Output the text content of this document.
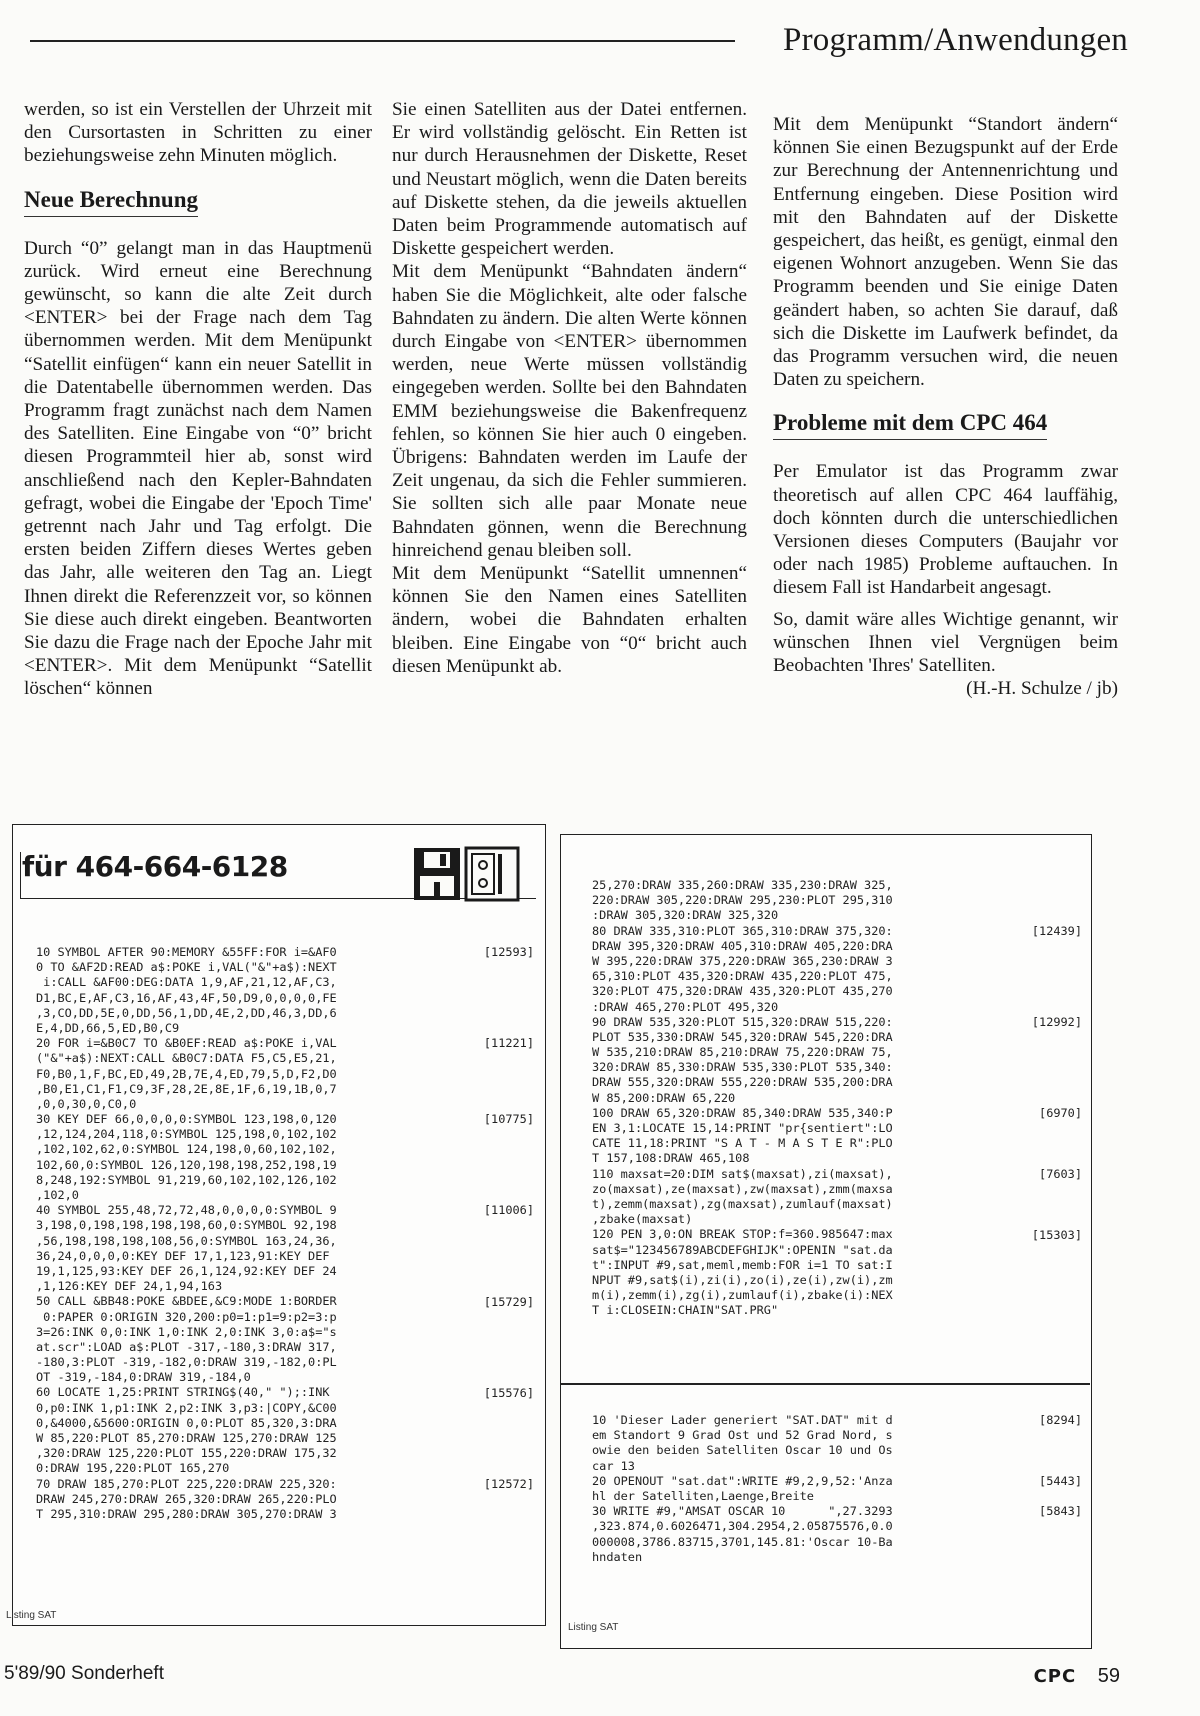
Programm/Anwendungen

werden, so ist ein Verstellen der Uhrzeit mit den Cursortasten in Schritten zu einer beziehungsweise zehn Minuten möglich.

Neue Berechnung

Durch “0” gelangt man in das Hauptmenü zurück. Wird erneut eine Berechnung gewünscht, so kann die alte Zeit durch <ENTER> bei der Frage nach dem Tag übernommen werden. Mit dem Menüpunkt “Satellit einfügen“ kann ein neuer Satellit in die Datentabelle übernommen werden. Das Programm fragt zunächst nach dem Namen des Satelliten. Eine Eingabe von “0” bricht diesen Programmteil hier ab, sonst wird anschließend nach den Kepler-Bahndaten gefragt, wobei die Eingabe der 'Epoch Time' getrennt nach Jahr und Tag erfolgt. Die ersten beiden Ziffern dieses Wertes geben das Jahr, alle weiteren den Tag an. Liegt Ihnen direkt die Referenzzeit vor, so können Sie diese auch direkt eingeben. Beantworten Sie dazu die Frage nach der Epoche Jahr mit <ENTER>. Mit dem Menüpunkt “Satellit löschen“ können

Sie einen Satelliten aus der Datei entfernen. Er wird vollständig gelöscht. Ein Retten ist nur durch Herausnehmen der Diskette, Reset und Neustart möglich, wenn die Daten bereits auf Diskette stehen, da die jeweils aktuellen Daten beim Programmende automatisch auf Diskette gespeichert werden.

Mit dem Menüpunkt “Bahndaten ändern“ haben Sie die Möglichkeit, alte oder falsche Bahndaten zu ändern. Die alten Werte können durch Eingabe von <ENTER> übernommen werden, neue Werte müssen vollständig eingegeben werden. Sollte bei den Bahndaten EMM beziehungsweise die Bakenfrequenz fehlen, so können Sie hier auch 0 eingeben. Übrigens: Bahndaten werden im Laufe der Zeit ungenau, da sich die Fehler summieren. Sie sollten sich alle paar Monate neue Bahndaten gönnen, wenn die Berechnung hinreichend genau bleiben soll.

Mit dem Menüpunkt “Satellit umnennen“ können Sie den Namen eines Satelliten ändern, wobei die Bahndaten erhalten bleiben. Eine Eingabe von “0“ bricht auch diesen Menüpunkt ab.

Mit dem Menüpunkt “Standort ändern“ können Sie einen Bezugspunkt auf der Erde zur Berechnung der Antennenrichtung und Entfernung eingeben. Diese Position wird mit den Bahndaten auf der Diskette gespeichert, das heißt, es genügt, einmal den eigenen Wohnort anzugeben. Wenn Sie das Programm beenden und Sie einige Daten geändert haben, so achten Sie darauf, daß sich die Diskette im Laufwerk befindet, da das Programm versuchen wird, die neuen Daten zu speichern.

Probleme mit dem CPC 464

Per Emulator ist das Programm zwar theoretisch auf allen CPC 464 lauffähig, doch könnten durch die unterschiedlichen Versionen dieses Computers (Baujahr vor oder nach 1985) Probleme auftauchen. In diesem Fall ist Handarbeit angesagt.

So, damit wäre alles Wichtige genannt, wir wünschen Ihnen viel Vergnügen beim Beobachten 'Ihres' Satelliten.

(H.-H. Schulze / jb)

für 464-664-6128
10 SYMBOL AFTER 90:MEMORY &55FF:FOR i=&AF0	[12593]
0 TO &AF2D:READ a$:POKE i,VAL("&"+a$):NEXT
i:CALL &AF00:DEG:DATA 1,9,AF,21,12,AF,C3,
D1,BC,E,AF,C3,16,AF,43,4F,50,D9,0,0,0,0,FE
,3,CO,DD,5E,0,DD,56,1,DD,4E,2,DD,46,3,DD,6
E,4,DD,66,5,ED,B0,C9
20 FOR i=&B0C7 TO &B0EF:READ a$:POKE i,VAL	[11221]
("&"+a$):NEXT:CALL &B0C7:DATA F5,C5,E5,21,
F0,B0,1,F,BC,ED,49,2B,7E,4,ED,79,5,D,F2,D0
,B0,E1,C1,F1,C9,3F,28,2E,8E,1F,6,19,1B,0,7
,0,0,30,0,C0,0
30 KEY DEF 66,0,0,0,0:SYMBOL 123,198,0,120	[10775]
,12,124,204,118,0:SYMBOL 125,198,0,102,102
,102,102,62,0:SYMBOL 124,198,0,60,102,102,
102,60,0:SYMBOL 126,120,198,198,252,198,19
8,248,192:SYMBOL 91,219,60,102,102,126,102
,102,0
40 SYMBOL 255,48,72,72,48,0,0,0,0:SYMBOL 9	[11006]
3,198,0,198,198,198,198,60,0:SYMBOL 92,198
,56,198,198,198,108,56,0:SYMBOL 163,24,36,
36,24,0,0,0,0:KEY DEF 17,1,123,91:KEY DEF
19,1,125,93:KEY DEF 26,1,124,92:KEY DEF 24
,1,126:KEY DEF 24,1,94,163
50 CALL &BB48:POKE &BDEE,&C9:MODE 1:BORDER	[15729]
0:PAPER 0:ORIGIN 320,200:p0=1:p1=9:p2=3:p
3=26:INK 0,0:INK 1,0:INK 2,0:INK 3,0:a$="s
at.scr":LOAD a$:PLOT -317,-180,3:DRAW 317,
-180,3:PLOT -319,-182,0:DRAW 319,-182,0:PL
OT -319,-184,0:DRAW 319,-184,0
60 LOCATE 1,25:PRINT STRING$(40," ");:INK	[15576]
0,p0:INK 1,p1:INK 2,p2:INK 3,p3:|COPY,&C00
0,&4000,&5600:ORIGIN 0,0:PLOT 85,320,3:DRA
W 85,220:PLOT 85,270:DRAW 125,270:DRAW 125
,320:DRAW 125,220:PLOT 155,220:DRAW 175,32
0:DRAW 195,220:PLOT 165,270
70 DRAW 185,270:PLOT 225,220:DRAW 225,320:	[12572]
DRAW 245,270:DRAW 265,320:DRAW 265,220:PLO
T 295,310:DRAW 295,280:DRAW 305,270:DRAW 3
Listing SAT
25,270:DRAW 335,260:DRAW 335,230:DRAW 325,
220:DRAW 305,220:DRAW 295,230:PLOT 295,310
:DRAW 305,320:DRAW 325,320
80 DRAW 335,310:PLOT 365,310:DRAW 375,320:	[12439]
DRAW 395,320:DRAW 405,310:DRAW 405,220:DRA
W 395,220:DRAW 375,220:DRAW 365,230:DRAW 3
65,310:PLOT 435,320:DRAW 435,220:PLOT 475,
320:PLOT 475,320:DRAW 435,320:PLOT 435,270
:DRAW 465,270:PLOT 495,320
90 DRAW 535,320:PLOT 515,320:DRAW 515,220:	[12992]
PLOT 535,330:DRAW 545,320:DRAW 545,220:DRA
W 535,210:DRAW 85,210:DRAW 75,220:DRAW 75,
320:DRAW 85,330:DRAW 535,330:PLOT 535,340:
DRAW 555,320:DRAW 555,220:DRAW 535,200:DRA
W 85,200:DRAW 65,220
100 DRAW 65,320:DRAW 85,340:DRAW 535,340:P	[6970]
EN 3,1:LOCATE 15,14:PRINT "pr{sentiert":LO
CATE 11,18:PRINT "S A T - M A S T E R":PLO
T 157,108:DRAW 465,108
110 maxsat=20:DIM sat$(maxsat),zi(maxsat),	[7603]
zo(maxsat),ze(maxsat),zw(maxsat),zmm(maxsa
t),zemm(maxsat),zg(maxsat),zumlauf(maxsat)
,zbake(maxsat)
120 PEN 3,0:ON BREAK STOP:f=360.985647:max	[15303]
sat$="123456789ABCDEFGHIJK":OPENIN "sat.da
t":INPUT #9,sat,meml,memb:FOR i=1 TO sat:I
NPUT #9,sat$(i),zi(i),zo(i),ze(i),zw(i),zm
m(i),zemm(i),zg(i),zumlauf(i),zbake(i):NEX
T i:CLOSEIN:CHAIN"SAT.PRG"
10 'Dieser Lader generiert "SAT.DAT" mit d	[8294]
em Standort 9 Grad Ost und 52 Grad Nord, s
owie den beiden Satelliten Oscar 10 und Os
car 13
20 OPENOUT "sat.dat":WRITE #9,2,9,52:'Anza	[5443]
hl der Satelliten,Laenge,Breite
30 WRITE #9,"AMSAT OSCAR 10      ",27.3293	[5843]
,323.874,0.6026471,304.2954,2.05875576,0.0
000008,3786.83715,3701,145.81:'Oscar 10-Ba
hndaten
Listing SAT
5'89/90 Sonderheft	CPC 59
